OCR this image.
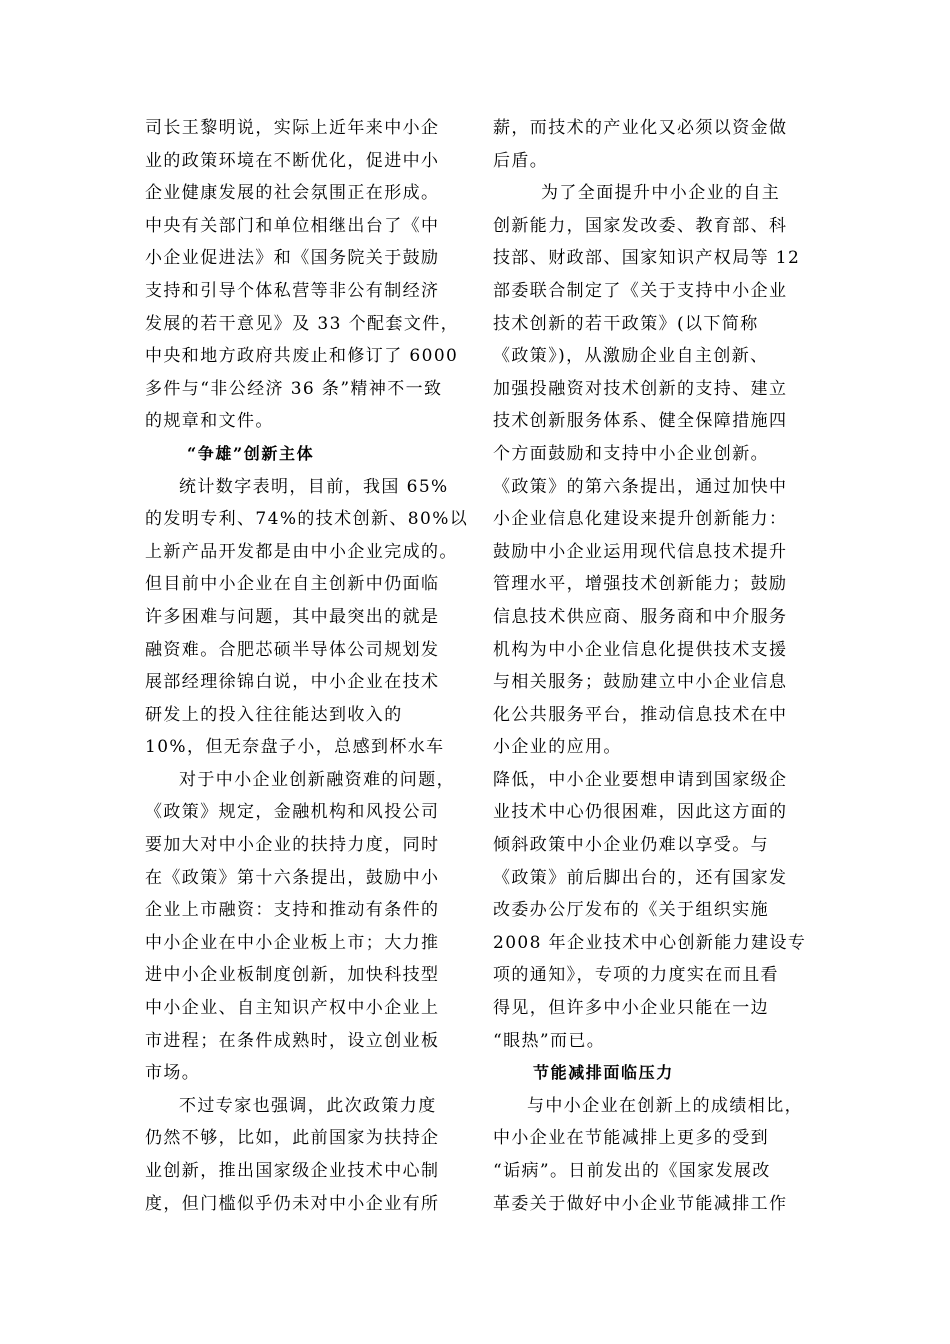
司长王黎明说，实际上近年来中小企
业的政策环境在不断优化，促进中小
企业健康发展的社会氛围正在形成。
中央有关部门和单位相继出台了《中
小企业促进法》和《国务院关于鼓励
支持和引导个体私营等非公有制经济
发展的若干意见》及 33 个配套文件，
中央和地方政府共废止和修订了 6000
多件与“非公经济 36 条”精神不一致
的规章和文件。
“争雄”创新主体
统计数字表明，目前，我国 65%
的发明专利、74%的技术创新、80%以
上新产品开发都是由中小企业完成的。
但目前中小企业在自主创新中仍面临
许多困难与问题，其中最突出的就是
融资难。合肥芯硕半导体公司规划发
展部经理徐锦白说，中小企业在技术
研发上的投入往往能达到收入的
10%，但无奈盘子小，总感到杯水车
对于中小企业创新融资难的问题，
《政策》规定，金融机构和风投公司
要加大对中小企业的扶持力度，同时
在《政策》第十六条提出，鼓励中小
企业上市融资：支持和推动有条件的
中小企业在中小企业板上市；大力推
进中小企业板制度创新，加快科技型
中小企业、自主知识产权中小企业上
市进程；在条件成熟时，设立创业板
市场。
不过专家也强调，此次政策力度
仍然不够，比如，此前国家为扶持企
业创新，推出国家级企业技术中心制
度，但门槛似乎仍未对中小企业有所
薪，而技术的产业化又必须以资金做
后盾。
为了全面提升中小企业的自主
创新能力，国家发改委、教育部、科
技部、财政部、国家知识产权局等 12
部委联合制定了《关于支持中小企业
技术创新的若干政策》(以下简称
《政策》)，从激励企业自主创新、
加强投融资对技术创新的支持、建立
技术创新服务体系、健全保障措施四
个方面鼓励和支持中小企业创新。
《政策》的第六条提出，通过加快中
小企业信息化建设来提升创新能力：
鼓励中小企业运用现代信息技术提升
管理水平，增强技术创新能力；鼓励
信息技术供应商、服务商和中介服务
机构为中小企业信息化提供技术支援
与相关服务；鼓励建立中小企业信息
化公共服务平台，推动信息技术在中
小企业的应用。
降低，中小企业要想申请到国家级企
业技术中心仍很困难，因此这方面的
倾斜政策中小企业仍难以享受。与
《政策》前后脚出台的，还有国家发
改委办公厅发布的《关于组织实施
2008 年企业技术中心创新能力建设专
项的通知》，专项的力度实在而且看
得见，但许多中小企业只能在一边
“眼热”而已。
节能减排面临压力
与中小企业在创新上的成绩相比，
中小企业在节能减排上更多的受到
“诟病”。日前发出的《国家发展改
革委关于做好中小企业节能减排工作
